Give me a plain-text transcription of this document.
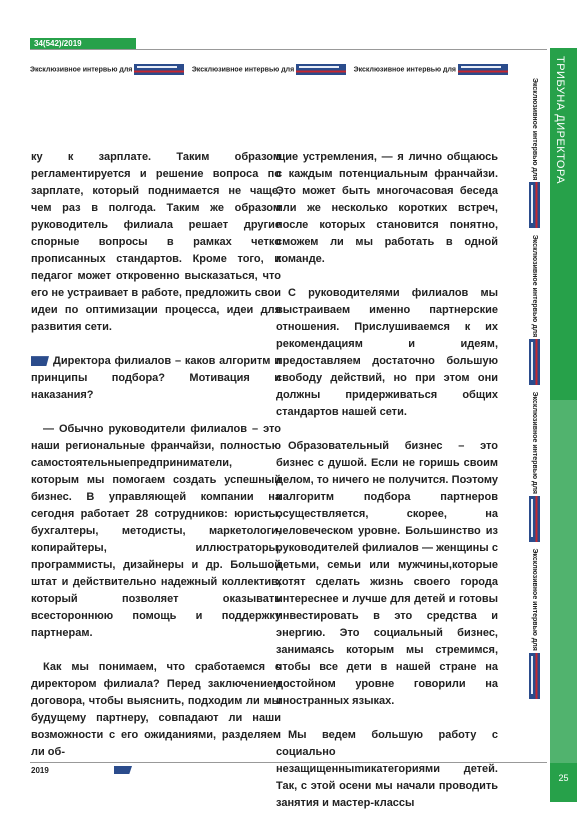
34(542)/2019
Эксклюзивное интервью для	Эксклюзивное интервью для	Эксклюзивное интервью для

ку к зарплате. Таким образом регламентируется и решение вопроса по зарплате, который поднимается не чаще, чем раз в полгода. Таким же образом руководитель филиала решает другие спорные вопросы в рамках четко прописанных стандартов. Кроме того, и педагог может откровенно высказаться, что его не устраивает в работе, предложить свои идеи по оптимизации процесса, идеи для развития сети.

Директора филиалов – каков алгоритм и принципы подбора? Мотивация и наказания?

— Обычно руководители филиалов – это наши региональные франчайзи, полностью самостоятельныепредприниматели, которым мы помогаем создать успешный бизнес. В управляющей компании на сегодня работает 28 сотрудников: юристы, бухгалтеры, методисты, маркетологи, копирайтеры, иллюстраторы, программисты, дизайнеры и др. Большой штат и действительно надежный коллектив, который позволяет оказывать всестороннюю помощь и поддержку партнерам.

Как мы понимаем, что сработаемся с директором филиала? Перед заключением договора, чтобы выяснить, подходим ли мы будущему партнеру, совпадают ли наши возможности с его ожиданиями, разделяем ли об-

щие устремления, — я лично общаюсь с каждым потенциальным франчайзи. Это может быть многочасовая беседа или же несколько коротких встреч, после которых становится понятно, сможем ли мы работать в одной команде.

С руководителями филиалов мы выстраиваем именно партнерские отношения. Прислушиваемся к их рекомендациям и идеям, предоставляем достаточно большую свободу действий, но при этом они должны придерживаться общих стандартов нашей сети.

Образовательный бизнес – это бизнес с душой. Если не горишь своим делом, то ничего не получится. Поэтому иалгоритм подбора партнеров осуществляется, скорее, на человеческом уровне. Большинство из руководителей филиалов — женщины с детьми, семьи или мужчины,которые хотят сделать жизнь своего города интереснее и лучше для детей и готовы инвестировать в это средства и энергию. Это социальный бизнес, занимаясь которым мы стремимся, чтобы все дети в нашей стране на достойном уровне говорили на иностранных языках.

Мы ведем большую работу с социально незащищенныmикатегориями детей. Так, с этой осени мы начали проводить занятия и мастер-классы

Эксклюзивное интервью для Эксклюзивное интервью для Эксклюзивное интервью для Эксклюзивное интервью для
ТРИБУНА ДИРЕКТОРА
2019
25
